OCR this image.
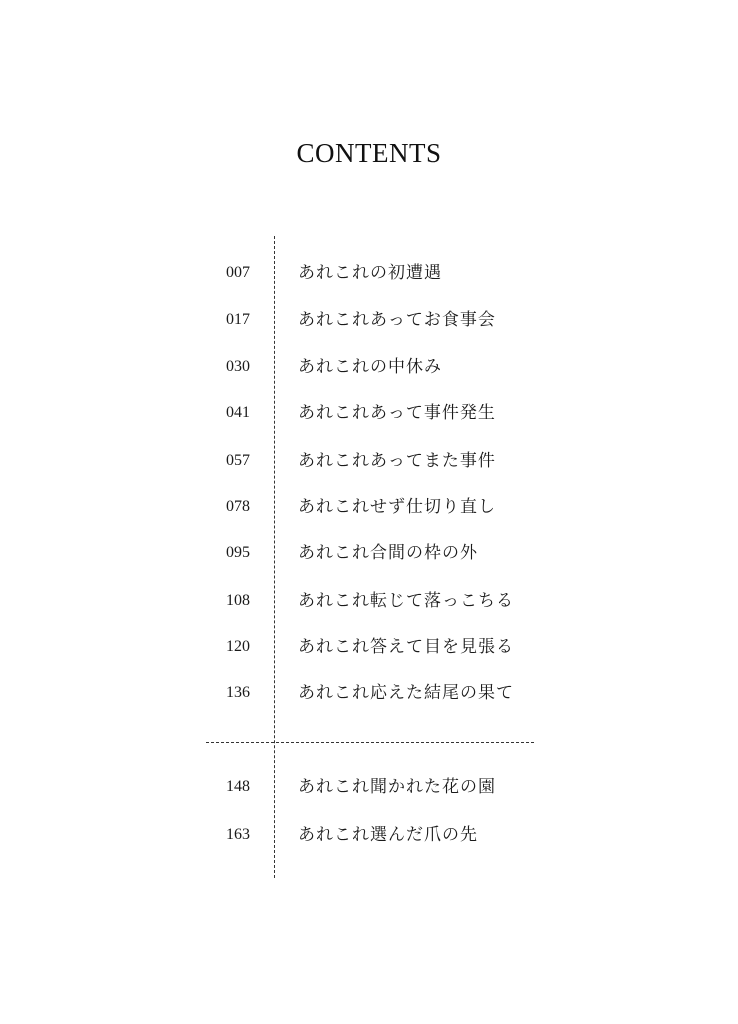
CONTENTS
007	あれこれの初遭遇
017	あれこれあってお食事会
030	あれこれの中休み
041	あれこれあって事件発生
057	あれこれあってまた事件
078	あれこれせず仕切り直し
095	あれこれ合間の枠の外
108	あれこれ転じて落っこちる
120	あれこれ答えて目を見張る
136	あれこれ応えた結尾の果て
148	あれこれ聞かれた花の園
163	あれこれ選んだ爪の先
